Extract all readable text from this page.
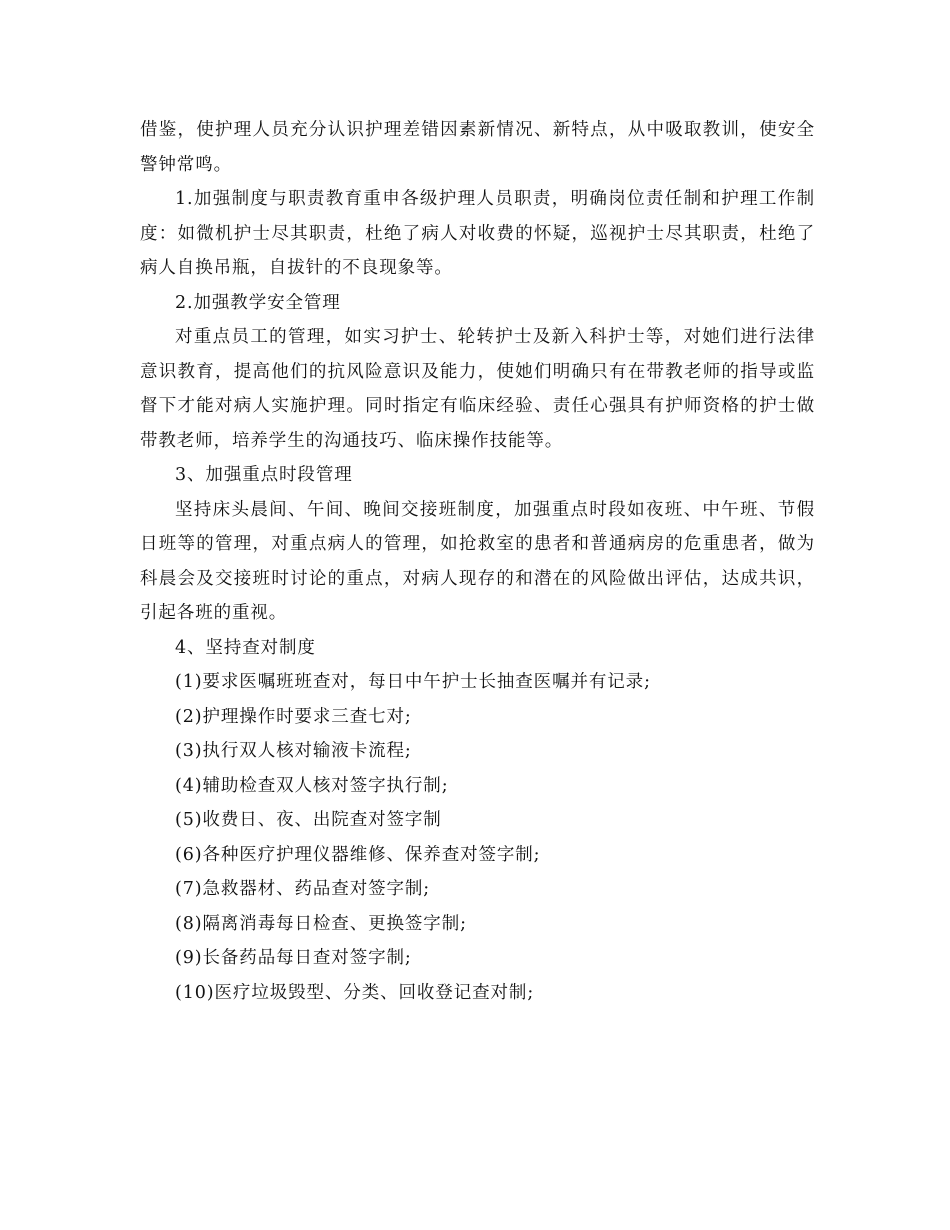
借鉴，使护理人员充分认识护理差错因素新情况、新特点，从中吸取教训，使安全警钟常鸣。

1.加强制度与职责教育重申各级护理人员职责，明确岗位责任制和护理工作制度：如微机护士尽其职责，杜绝了病人对收费的怀疑，巡视护士尽其职责，杜绝了病人自换吊瓶，自拔针的不良现象等。

2.加强教学安全管理

对重点员工的管理，如实习护士、轮转护士及新入科护士等，对她们进行法律意识教育，提高他们的抗风险意识及能力，使她们明确只有在带教老师的指导或监督下才能对病人实施护理。同时指定有临床经验、责任心强具有护师资格的护士做带教老师，培养学生的沟通技巧、临床操作技能等。

3、加强重点时段管理

坚持床头晨间、午间、晚间交接班制度，加强重点时段如夜班、中午班、节假日班等的管理，对重点病人的管理，如抢救室的患者和普通病房的危重患者，做为科晨会及交接班时讨论的重点，对病人现存的和潜在的风险做出评估，达成共识，引起各班的重视。

4、坚持查对制度

(1)要求医嘱班班查对，每日中午护士长抽查医嘱并有记录;

(2)护理操作时要求三查七对;

(3)执行双人核对输液卡流程;

(4)辅助检查双人核对签字执行制;

(5)收费日、夜、出院查对签字制

(6)各种医疗护理仪器维修、保养查对签字制;

(7)急救器材、药品查对签字制;

(8)隔离消毒每日检查、更换签字制;

(9)长备药品每日查对签字制;

(10)医疗垃圾毁型、分类、回收登记查对制;
